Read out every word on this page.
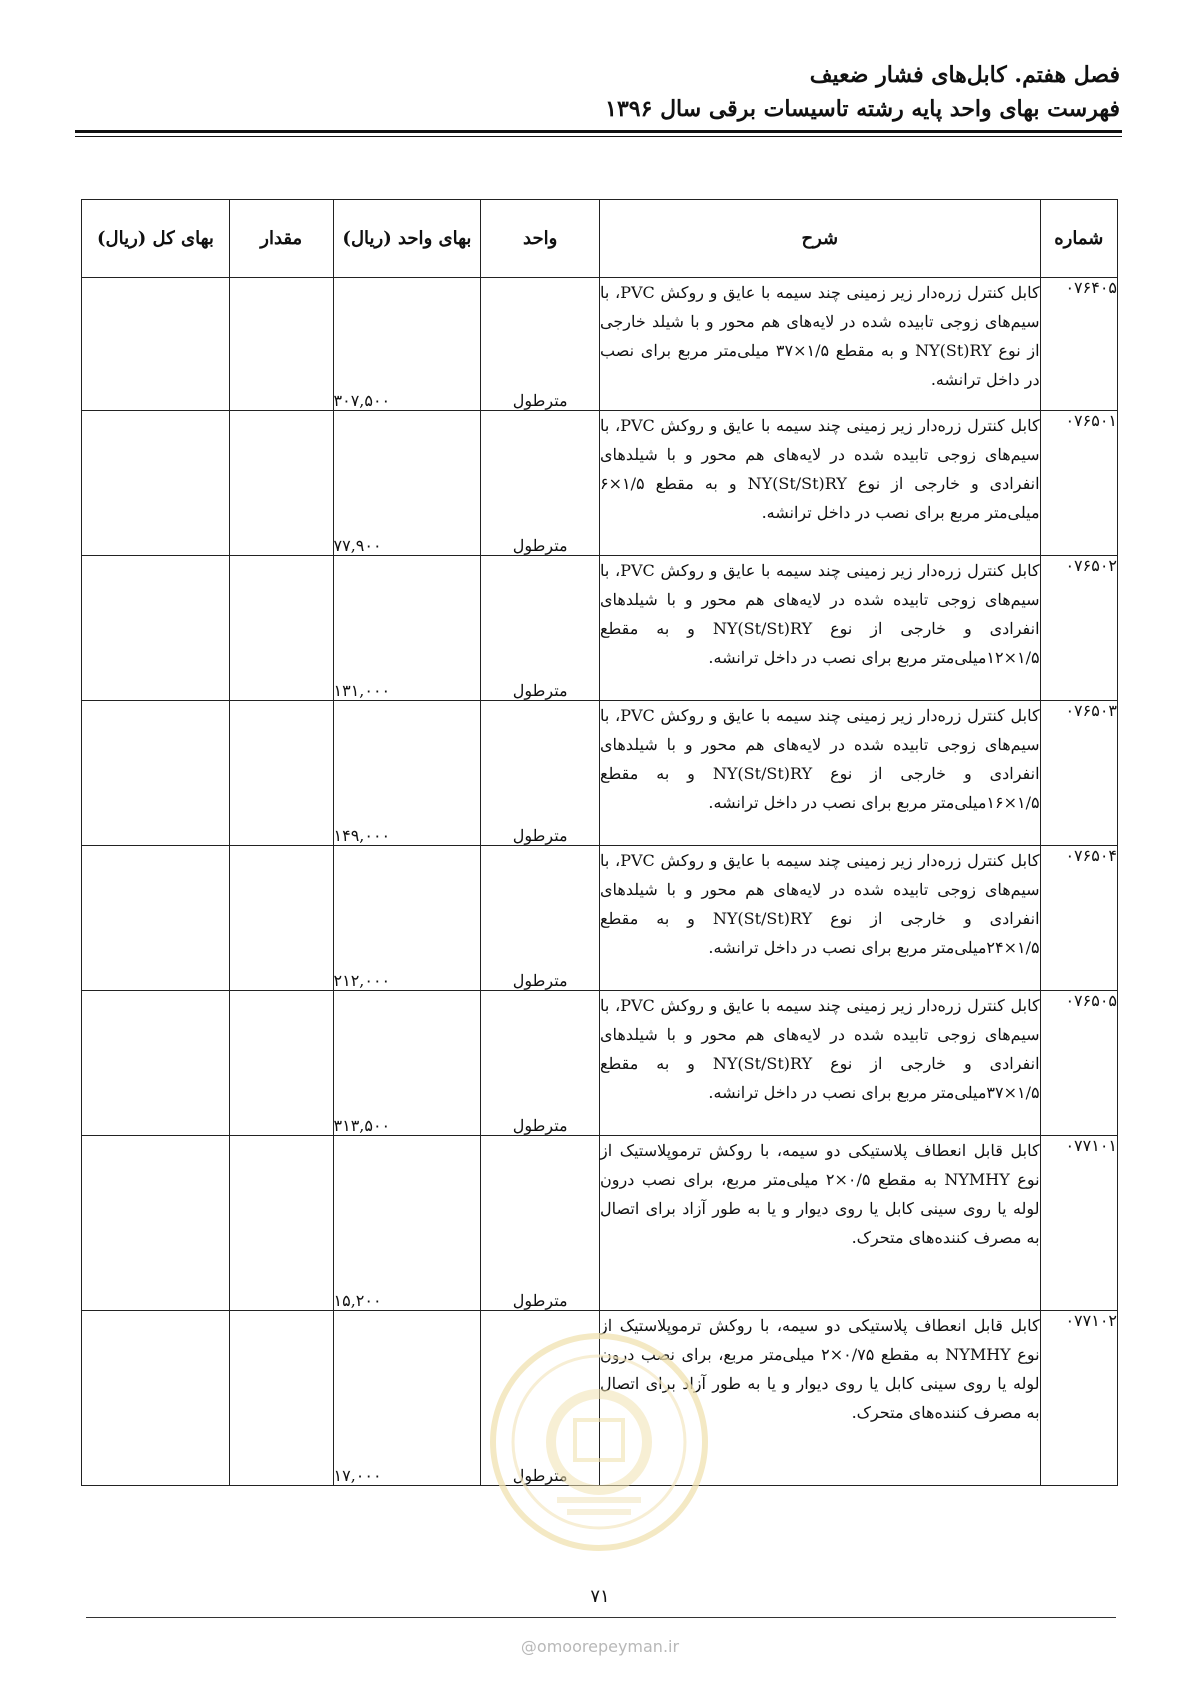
فصل هفتم. کابل‌های فشار ضعیف
فهرست بهای واحد پایه رشته تاسیسات برقی سال ۱۳۹۶
شماره	شرح	واحد	بهای واحد (ریال)	مقدار	بهای کل (ریال)
۰۷۶۴۰۵	کابل کنترل زره‌دار زیر زمینی چند سیمه با عایق و روکش PVC، با سیم‌های زوجی تابیده شده در لایه‌های هم محور و با شیلد خارجی از نوع NY(St)RY و به مقطع ۱/۵×۳۷ میلی‌متر مربع برای نصب در داخل ترانشه.	مترطول	۳۰۷,۵۰۰		
۰۷۶۵۰۱	کابل کنترل زره‌دار زیر زمینی چند سیمه با عایق و روکش PVC، با سیم‌های زوجی تابیده شده در لایه‌های هم محور و با شیلدهای انفرادی و خارجی از نوع NY(St/St)RY و به مقطع ۱/۵×۶ میلی‌متر مربع برای نصب در داخل ترانشه.	مترطول	۷۷,۹۰۰		
۰۷۶۵۰۲	کابل کنترل زره‌دار زیر زمینی چند سیمه با عایق و روکش PVC، با سیم‌های زوجی تابیده شده در لایه‌های هم محور و با شیلدهای انفرادی و خارجی از نوع NY(St/St)RY و به مقطع ۱/۵×۱۲میلی‌متر مربع برای نصب در داخل ترانشه.	مترطول	۱۳۱,۰۰۰		
۰۷۶۵۰۳	کابل کنترل زره‌دار زیر زمینی چند سیمه با عایق و روکش PVC، با سیم‌های زوجی تابیده شده در لایه‌های هم محور و با شیلدهای انفرادی و خارجی از نوع NY(St/St)RY و به مقطع ۱/۵×۱۶میلی‌متر مربع برای نصب در داخل ترانشه.	مترطول	۱۴۹,۰۰۰		
۰۷۶۵۰۴	کابل کنترل زره‌دار زیر زمینی چند سیمه با عایق و روکش PVC، با سیم‌های زوجی تابیده شده در لایه‌های هم محور و با شیلدهای انفرادی و خارجی از نوع NY(St/St)RY و به مقطع ۱/۵×۲۴میلی‌متر مربع برای نصب در داخل ترانشه.	مترطول	۲۱۲,۰۰۰		
۰۷۶۵۰۵	کابل کنترل زره‌دار زیر زمینی چند سیمه با عایق و روکش PVC، با سیم‌های زوجی تابیده شده در لایه‌های هم محور و با شیلدهای انفرادی و خارجی از نوع NY(St/St)RY و به مقطع ۱/۵×۳۷میلی‌متر مربع برای نصب در داخل ترانشه.	مترطول	۳۱۳,۵۰۰		
۰۷۷۱۰۱	کابل قابل انعطاف پلاستیکی دو سیمه، با روکش ترموپلاستیک از نوع NYMHY به مقطع ۰/۵×۲ میلی‌متر مربع، برای نصب درون لوله یا روی سینی کابل یا روی دیوار و یا به طور آزاد برای اتصال به مصرف کننده‌های متحرک.	مترطول	۱۵,۲۰۰		
۰۷۷۱۰۲	کابل قابل انعطاف پلاستیکی دو سیمه، با روکش ترموپلاستیک از نوع NYMHY به مقطع ۰/۷۵×۲ میلی‌متر مربع، برای نصب درون لوله یا روی سینی کابل یا روی دیوار و یا به طور آزاد برای اتصال به مصرف کننده‌های متحرک.	مترطول	۱۷,۰۰۰		
۷۱
@omoorepeyman.ir
